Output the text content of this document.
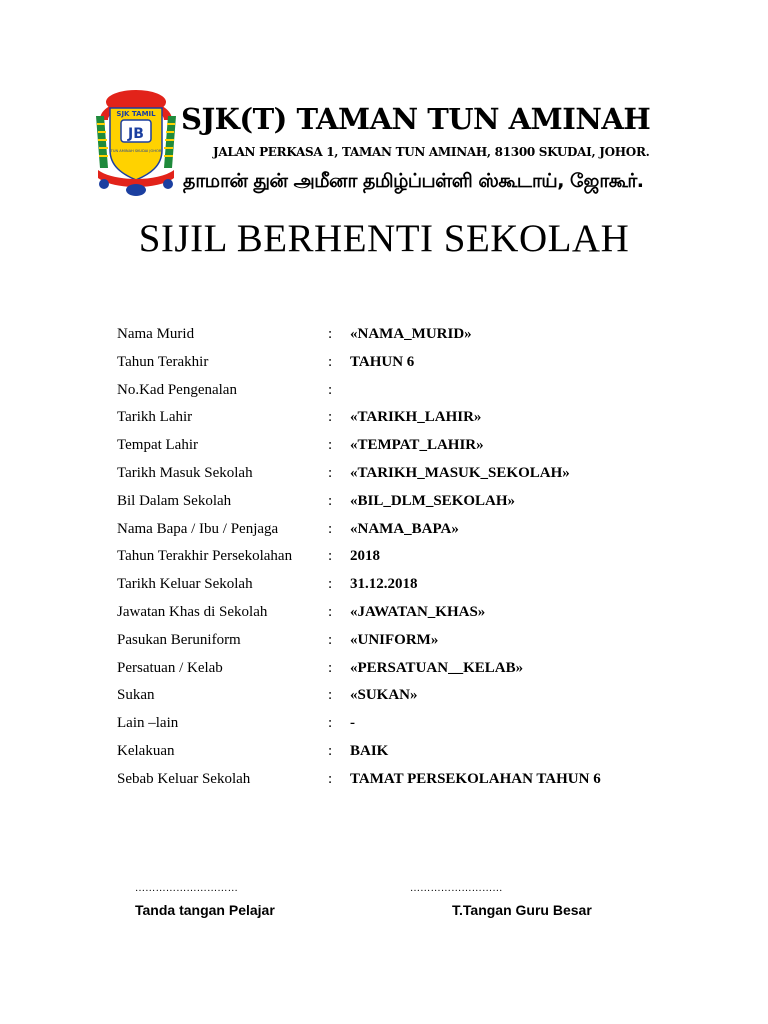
SJK TAMIL
JB
TUN AMINAH SKUDAI JOHOR
SJK(T) TAMAN TUN AMINAH
JALAN PERKASA 1, TAMAN TUN AMINAH, 81300 SKUDAI, JOHOR.
தாமான் துன் அமீனா தமிழ்ப்பள்ளி ஸ்கூடாய், ஜோகூர்.
SIJIL BERHENTI SEKOLAH
Nama Murid	: «NAMA_MURID»
Tahun Terakhir	: TAHUN 6
No.Kad Pengenalan	:
Tarikh Lahir	: «TARIKH_LAHIR»
Tempat Lahir	: «TEMPAT_LAHIR»
Tarikh Masuk Sekolah	: «TARIKH_MASUK_SEKOLAH»
Bil Dalam Sekolah	: «BIL_DLM_SEKOLAH»
Nama Bapa / Ibu / Penjaga	: «NAMA_BAPA»
Tahun Terakhir Persekolahan : 2018
Tarikh Keluar Sekolah	: 31.12.2018
Jawatan Khas di Sekolah	: «JAWATAN_KHAS»
Pasukan Beruniform	: «UNIFORM»
Persatuan / Kelab	: «PERSATUAN__KELAB»
Sukan	: «SUKAN»
Lain –lain	: -
Kelakuan	: BAIK
Sebab Keluar Sekolah	: TAMAT PERSEKOLAHAN TAHUN 6
…………………………	………………………
Tanda tangan Pelajar	T.Tangan Guru Besar
